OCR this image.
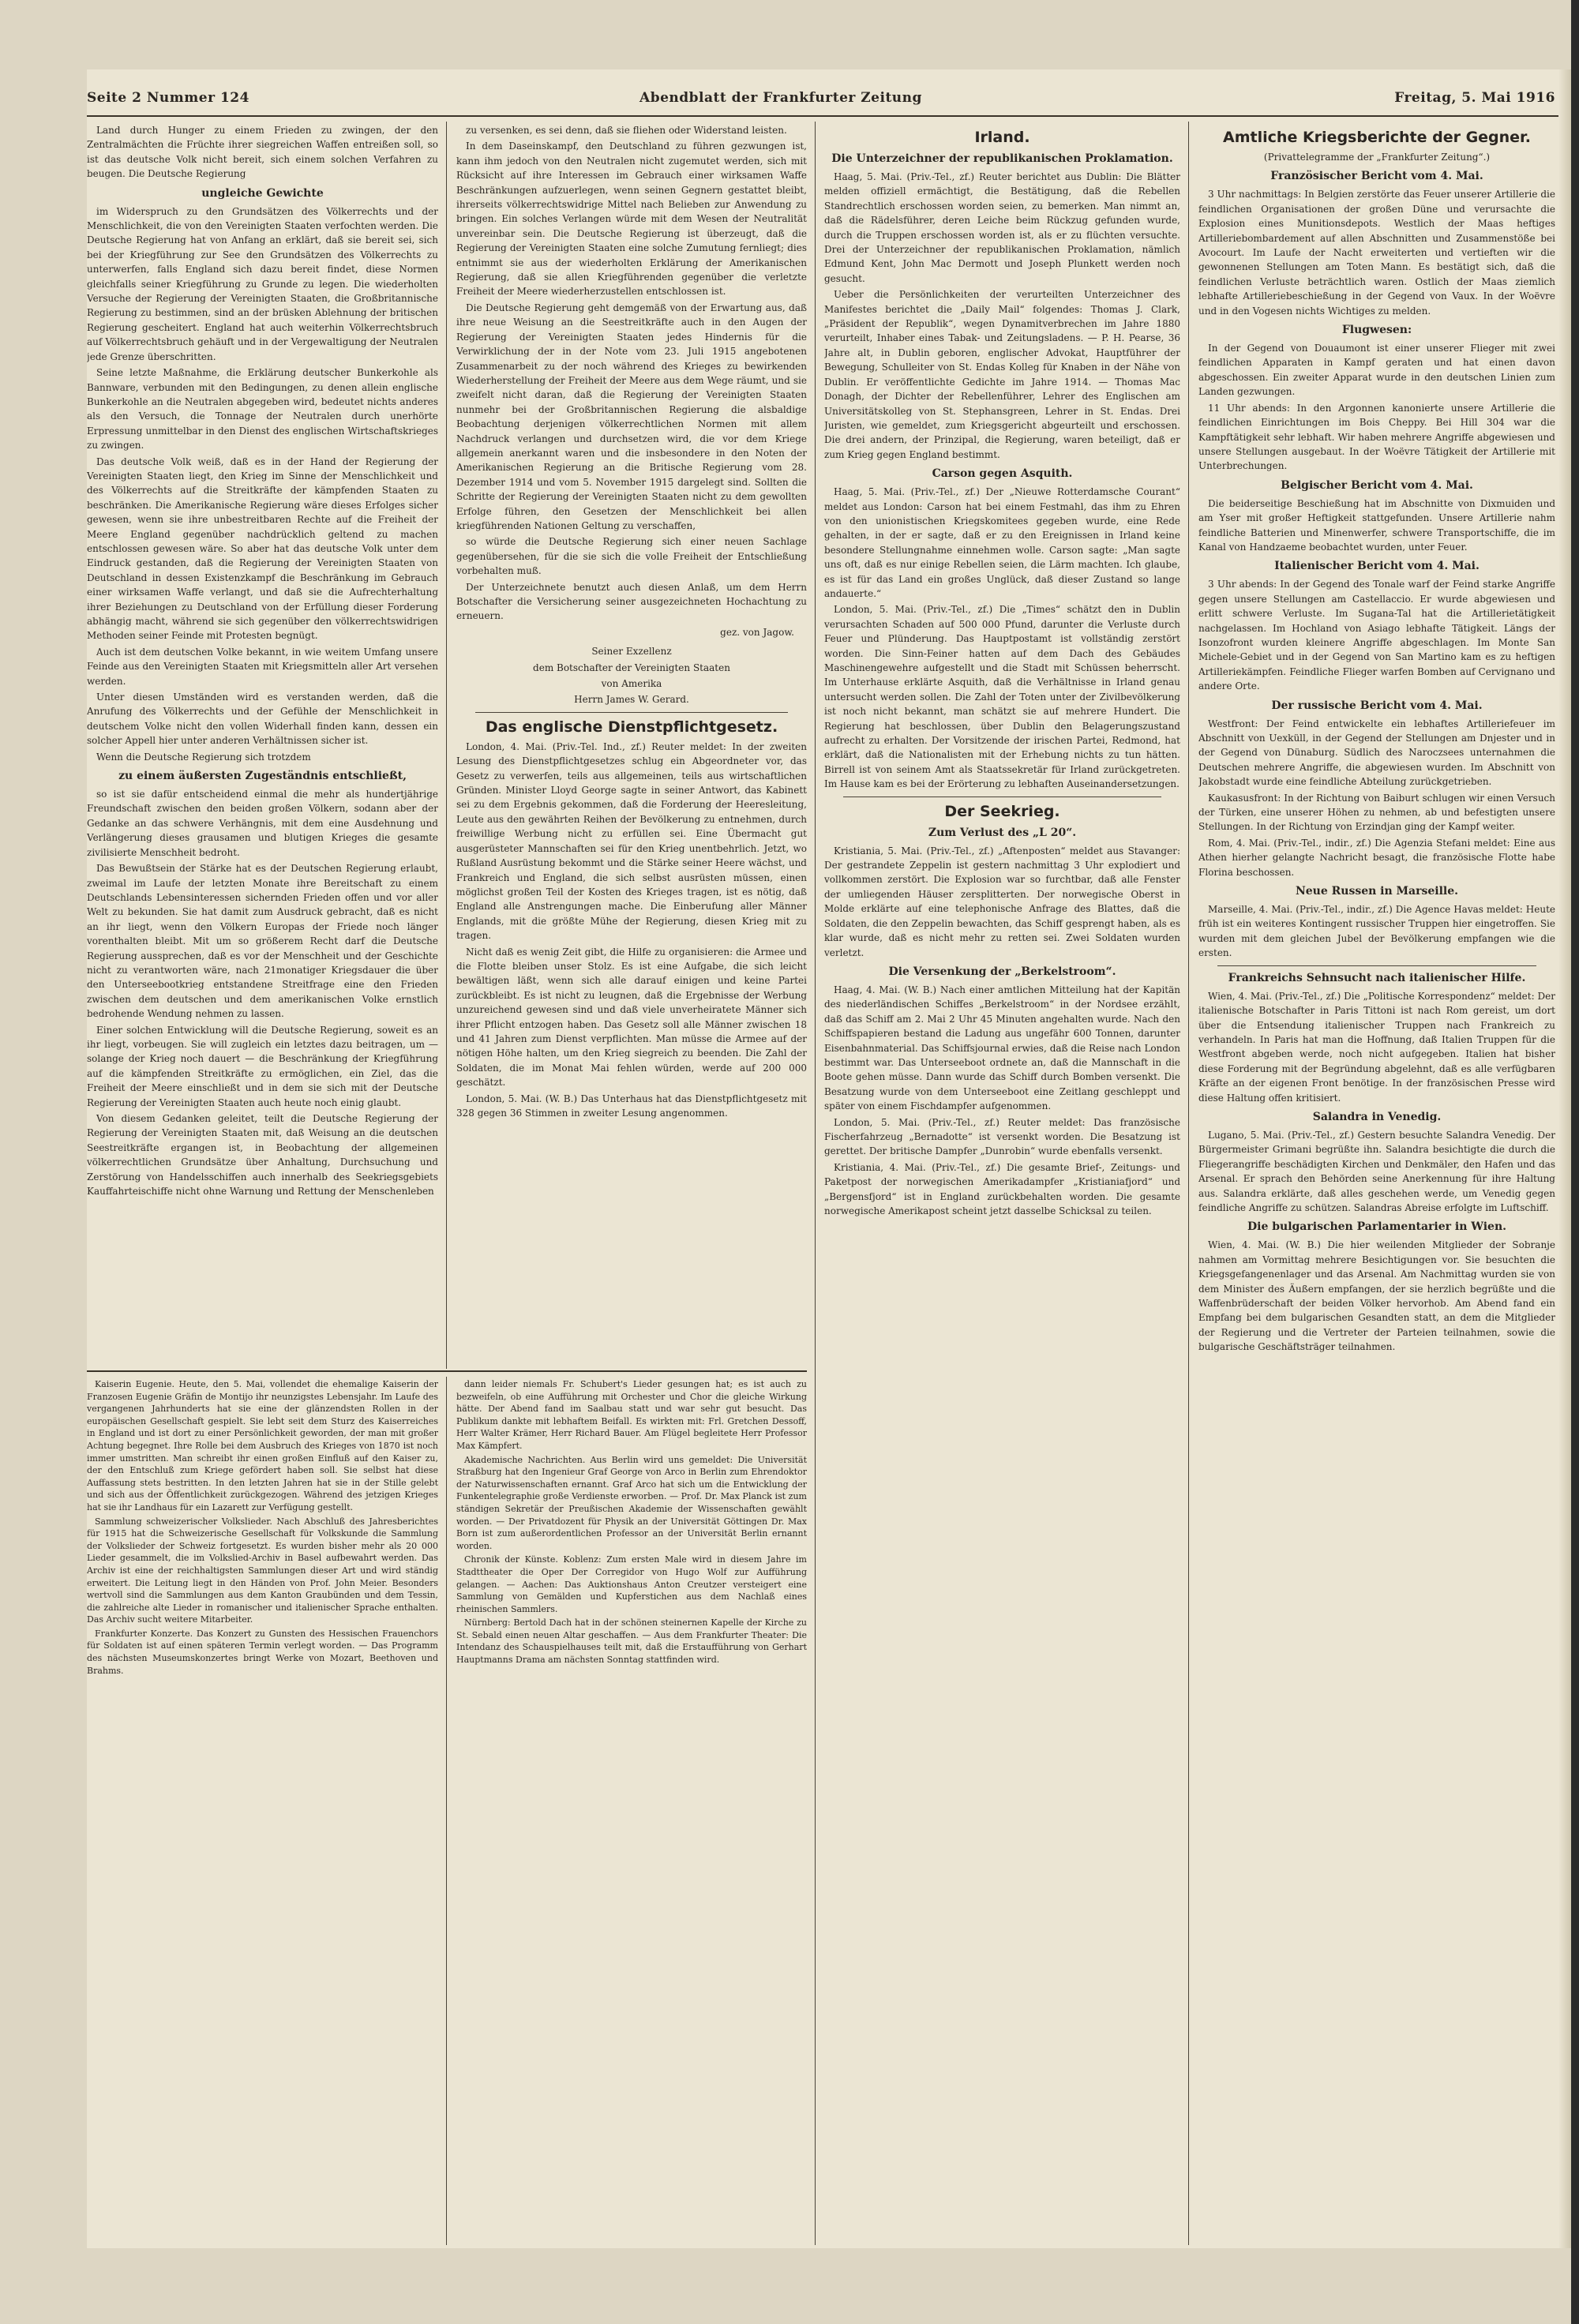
Seite 2 Nummer 124	Abendblatt der Frankfurter Zeitung	Freitag, 5. Mai 1916

Land durch Hunger zu einem Frieden zu zwingen, der den Zentralmächten die Früchte ihrer siegreichen Waffen entreißen soll, so ist das deutsche Volk nicht bereit, sich einem solchen Verfahren zu beugen. Die Deutsche Regierung

ungleiche Gewichte

im Widerspruch zu den Grundsätzen des Völkerrechts und der Menschlichkeit, die von den Vereinigten Staaten verfochten werden. Die Deutsche Regierung hat von Anfang an erklärt, daß sie bereit sei, sich bei der Kriegführung zur See den Grundsätzen des Völkerrechts zu unterwerfen, falls England sich dazu bereit findet, diese Normen gleichfalls seiner Kriegführung zu Grunde zu legen. Die wiederholten Versuche der Regierung der Vereinigten Staaten, die Großbritannische Regierung zu bestimmen, sind an der brüsken Ablehnung der britischen Regierung gescheitert. England hat auch weiterhin Völkerrechtsbruch auf Völkerrechtsbruch gehäuft und in der Vergewaltigung der Neutralen jede Grenze überschritten.

Seine letzte Maßnahme, die Erklärung deutscher Bunkerkohle als Bannware, verbunden mit den Bedingungen, zu denen allein englische Bunkerkohle an die Neutralen abgegeben wird, bedeutet nichts anderes als den Versuch, die Tonnage der Neutralen durch unerhörte Erpressung unmittelbar in den Dienst des englischen Wirtschaftskrieges zu zwingen.

Das deutsche Volk weiß, daß es in der Hand der Regierung der Vereinigten Staaten liegt, den Krieg im Sinne der Menschlichkeit und des Völkerrechts auf die Streitkräfte der kämpfenden Staaten zu beschränken. Die Amerikanische Regierung wäre dieses Erfolges sicher gewesen, wenn sie ihre unbestreitbaren Rechte auf die Freiheit der Meere England gegenüber nachdrücklich geltend zu machen entschlossen gewesen wäre. So aber hat das deutsche Volk unter dem Eindruck gestanden, daß die Regierung der Vereinigten Staaten von Deutschland in dessen Existenzkampf die Beschränkung im Gebrauch einer wirksamen Waffe verlangt, und daß sie die Aufrechterhaltung ihrer Beziehungen zu Deutschland von der Erfüllung dieser Forderung abhängig macht, während sie sich gegenüber den völkerrechtswidrigen Methoden seiner Feinde mit Protesten begnügt.

Auch ist dem deutschen Volke bekannt, in wie weitem Umfang unsere Feinde aus den Vereinigten Staaten mit Kriegsmitteln aller Art versehen werden.

Unter diesen Umständen wird es verstanden werden, daß die Anrufung des Völkerrechts und der Gefühle der Menschlichkeit in deutschem Volke nicht den vollen Widerhall finden kann, dessen ein solcher Appell hier unter anderen Verhältnissen sicher ist.

Wenn die Deutsche Regierung sich trotzdem

zu einem äußersten Zugeständnis entschließt,

so ist sie dafür entscheidend einmal die mehr als hundertjährige Freundschaft zwischen den beiden großen Völkern, sodann aber der Gedanke an das schwere Verhängnis, mit dem eine Ausdehnung und Verlängerung dieses grausamen und blutigen Krieges die gesamte zivilisierte Menschheit bedroht.

Das Bewußtsein der Stärke hat es der Deutschen Regierung erlaubt, zweimal im Laufe der letzten Monate ihre Bereitschaft zu einem Deutschlands Lebensinteressen sichernden Frieden offen und vor aller Welt zu bekunden. Sie hat damit zum Ausdruck gebracht, daß es nicht an ihr liegt, wenn den Völkern Europas der Friede noch länger vorenthalten bleibt. Mit um so größerem Recht darf die Deutsche Regierung aussprechen, daß es vor der Menschheit und der Geschichte nicht zu verantworten wäre, nach 21monatiger Kriegsdauer die über den Unterseebootkrieg entstandene Streitfrage eine den Frieden zwischen dem deutschen und dem amerikanischen Volke ernstlich bedrohende Wendung nehmen zu lassen.

Einer solchen Entwicklung will die Deutsche Regierung, soweit es an ihr liegt, vorbeugen. Sie will zugleich ein letztes dazu beitragen, um — solange der Krieg noch dauert — die Beschränkung der Kriegführung auf die kämpfenden Streitkräfte zu ermöglichen, ein Ziel, das die Freiheit der Meere einschließt und in dem sie sich mit der Deutsche Regierung der Vereinigten Staaten auch heute noch einig glaubt.

Von diesem Gedanken geleitet, teilt die Deutsche Regierung der Regierung der Vereinigten Staaten mit, daß Weisung an die deutschen Seestreitkräfte ergangen ist, in Beobachtung der allgemeinen völkerrechtlichen Grundsätze über Anhaltung, Durchsuchung und Zerstörung von Handelsschiffen auch innerhalb des Seekriegsgebiets Kauffahrteischiffe nicht ohne Warnung und Rettung der Menschenleben

zu versenken, es sei denn, daß sie fliehen oder Widerstand leisten.

In dem Daseinskampf, den Deutschland zu führen gezwungen ist, kann ihm jedoch von den Neutralen nicht zugemutet werden, sich mit Rücksicht auf ihre Interessen im Gebrauch einer wirksamen Waffe Beschränkungen aufzuerlegen, wenn seinen Gegnern gestattet bleibt, ihrerseits völkerrechtswidrige Mittel nach Belieben zur Anwendung zu bringen. Ein solches Verlangen würde mit dem Wesen der Neutralität unvereinbar sein. Die Deutsche Regierung ist überzeugt, daß die Regierung der Vereinigten Staaten eine solche Zumutung fernliegt; dies entnimmt sie aus der wiederholten Erklärung der Amerikanischen Regierung, daß sie allen Kriegführenden gegenüber die verletzte Freiheit der Meere wiederherzustellen entschlossen ist.

Die Deutsche Regierung geht demgemäß von der Erwartung aus, daß ihre neue Weisung an die Seestreitkräfte auch in den Augen der Regierung der Vereinigten Staaten jedes Hindernis für die Verwirklichung der in der Note vom 23. Juli 1915 angebotenen Zusammenarbeit zu der noch während des Krieges zu bewirkenden Wiederherstellung der Freiheit der Meere aus dem Wege räumt, und sie zweifelt nicht daran, daß die Regierung der Vereinigten Staaten nunmehr bei der Großbritannischen Regierung die alsbaldige Beobachtung derjenigen völkerrechtlichen Normen mit allem Nachdruck verlangen und durchsetzen wird, die vor dem Kriege allgemein anerkannt waren und die insbesondere in den Noten der Amerikanischen Regierung an die Britische Regierung vom 28. Dezember 1914 und vom 5. November 1915 dargelegt sind. Sollten die Schritte der Regierung der Vereinigten Staaten nicht zu dem gewollten Erfolge führen, den Gesetzen der Menschlichkeit bei allen kriegführenden Nationen Geltung zu verschaffen,

so würde die Deutsche Regierung sich einer neuen Sachlage gegenübersehen, für die sie sich die volle Freiheit der Entschließung vorbehalten muß.

Der Unterzeichnete benutzt auch diesen Anlaß, um dem Herrn Botschafter die Versicherung seiner ausgezeichneten Hochachtung zu erneuern.

gez. von Jagow.
Seiner Exzellenz
dem Botschafter der Vereinigten Staaten
von Amerika
Herrn James W. Gerard.
Das englische Dienstpflichtgesetz.

London, 4. Mai. (Priv.-Tel. Ind., zf.) Reuter meldet: In der zweiten Lesung des Dienstpflichtgesetzes schlug ein Abgeordneter vor, das Gesetz zu verwerfen, teils aus allgemeinen, teils aus wirtschaftlichen Gründen. Minister Lloyd George sagte in seiner Antwort, das Kabinett sei zu dem Ergebnis gekommen, daß die Forderung der Heeresleitung, Leute aus den gewährten Reihen der Bevölkerung zu entnehmen, durch freiwillige Werbung nicht zu erfüllen sei. Eine Übermacht gut ausgerüsteter Mannschaften sei für den Krieg unentbehrlich. Jetzt, wo Rußland Ausrüstung bekommt und die Stärke seiner Heere wächst, und Frankreich und England, die sich selbst ausrüsten müssen, einen möglichst großen Teil der Kosten des Krieges tragen, ist es nötig, daß England alle Anstrengungen mache. Die Einberufung aller Männer Englands, mit die größte Mühe der Regierung, diesen Krieg mit zu tragen.

Nicht daß es wenig Zeit gibt, die Hilfe zu organisieren: die Armee und die Flotte bleiben unser Stolz. Es ist eine Aufgabe, die sich leicht bewältigen läßt, wenn sich alle darauf einigen und keine Partei zurückbleibt. Es ist nicht zu leugnen, daß die Ergebnisse der Werbung unzureichend gewesen sind und daß viele unverheiratete Männer sich ihrer Pflicht entzogen haben. Das Gesetz soll alle Männer zwischen 18 und 41 Jahren zum Dienst verpflichten. Man müsse die Armee auf der nötigen Höhe halten, um den Krieg siegreich zu beenden. Die Zahl der Soldaten, die im Monat Mai fehlen würden, werde auf 200 000 geschätzt.

London, 5. Mai. (W. B.) Das Unterhaus hat das Dienstpflichtgesetz mit 328 gegen 36 Stimmen in zweiter Lesung angenommen.

Irland.
Die Unterzeichner der republikanischen Proklamation.

Haag, 5. Mai. (Priv.-Tel., zf.) Reuter berichtet aus Dublin: Die Blätter melden offiziell ermächtigt, die Bestätigung, daß die Rebellen Standrechtlich erschossen worden seien, zu bemerken. Man nimmt an, daß die Rädelsführer, deren Leiche beim Rückzug gefunden wurde, durch die Truppen erschossen worden ist, als er zu flüchten versuchte. Drei der Unterzeichner der republikanischen Proklamation, nämlich Edmund Kent, John Mac Dermott und Joseph Plunkett werden noch gesucht.

Ueber die Persönlichkeiten der verurteilten Unterzeichner des Manifestes berichtet die „Daily Mail“ folgendes: Thomas J. Clark, „Präsident der Republik“, wegen Dynamitverbrechen im Jahre 1880 verurteilt, Inhaber eines Tabak- und Zeitungsladens. — P. H. Pearse, 36 Jahre alt, in Dublin geboren, englischer Advokat, Hauptführer der Bewegung, Schulleiter von St. Endas Kolleg für Knaben in der Nähe von Dublin. Er veröffentlichte Gedichte im Jahre 1914. — Thomas Mac Donagh, der Dichter der Rebellenführer, Lehrer des Englischen am Universitätskolleg von St. Stephansgreen, Lehrer in St. Endas. Drei Juristen, wie gemeldet, zum Kriegsgericht abgeurteilt und erschossen. Die drei andern, der Prinzipal, die Regierung, waren beteiligt, daß er zum Krieg gegen England bestimmt.

Carson gegen Asquith.

Haag, 5. Mai. (Priv.-Tel., zf.) Der „Nieuwe Rotterdamsche Courant“ meldet aus London: Carson hat bei einem Festmahl, das ihm zu Ehren von den unionistischen Kriegskomitees gegeben wurde, eine Rede gehalten, in der er sagte, daß er zu den Ereignissen in Irland keine besondere Stellungnahme einnehmen wolle. Carson sagte: „Man sagte uns oft, daß es nur einige Rebellen seien, die Lärm machten. Ich glaube, es ist für das Land ein großes Unglück, daß dieser Zustand so lange andauerte.“

London, 5. Mai. (Priv.-Tel., zf.) Die „Times“ schätzt den in Dublin verursachten Schaden auf 500 000 Pfund, darunter die Verluste durch Feuer und Plünderung. Das Hauptpostamt ist vollständig zerstört worden. Die Sinn-Feiner hatten auf dem Dach des Gebäudes Maschinengewehre aufgestellt und die Stadt mit Schüssen beherrscht. Im Unterhause erklärte Asquith, daß die Verhältnisse in Irland genau untersucht werden sollen. Die Zahl der Toten unter der Zivilbevölkerung ist noch nicht bekannt, man schätzt sie auf mehrere Hundert. Die Regierung hat beschlossen, über Dublin den Belagerungszustand aufrecht zu erhalten. Der Vorsitzende der irischen Partei, Redmond, hat erklärt, daß die Nationalisten mit der Erhebung nichts zu tun hätten. Birrell ist von seinem Amt als Staatssekretär für Irland zurückgetreten. Im Hause kam es bei der Erörterung zu lebhaften Auseinandersetzungen.

Der Seekrieg.
Zum Verlust des „L 20“.

Kristiania, 5. Mai. (Priv.-Tel., zf.) „Aftenposten“ meldet aus Stavanger: Der gestrandete Zeppelin ist gestern nachmittag 3 Uhr explodiert und vollkommen zerstört. Die Explosion war so furchtbar, daß alle Fenster der umliegenden Häuser zersplitterten. Der norwegische Oberst in Molde erklärte auf eine telephonische Anfrage des Blattes, daß die Soldaten, die den Zeppelin bewachten, das Schiff gesprengt haben, als es klar wurde, daß es nicht mehr zu retten sei. Zwei Soldaten wurden verletzt.

Die Versenkung der „Berkelstroom“.

Haag, 4. Mai. (W. B.) Nach einer amtlichen Mitteilung hat der Kapitän des niederländischen Schiffes „Berkelstroom“ in der Nordsee erzählt, daß das Schiff am 2. Mai 2 Uhr 45 Minuten angehalten wurde. Nach den Schiffspapieren bestand die Ladung aus ungefähr 600 Tonnen, darunter Eisenbahnmaterial. Das Schiffsjournal erwies, daß die Reise nach London bestimmt war. Das Unterseeboot ordnete an, daß die Mannschaft in die Boote gehen müsse. Dann wurde das Schiff durch Bomben versenkt. Die Besatzung wurde von dem Unterseeboot eine Zeitlang geschleppt und später von einem Fischdampfer aufgenommen.

London, 5. Mai. (Priv.-Tel., zf.) Reuter meldet: Das französische Fischerfahrzeug „Bernadotte“ ist versenkt worden. Die Besatzung ist gerettet. Der britische Dampfer „Dunrobin“ wurde ebenfalls versenkt.

Kristiania, 4. Mai. (Priv.-Tel., zf.) Die gesamte Brief-, Zeitungs- und Paketpost der norwegischen Amerikadampfer „Kristianiafjord“ und „Bergensfjord“ ist in England zurückbehalten worden. Die gesamte norwegische Amerikapost scheint jetzt dasselbe Schicksal zu teilen.

Amtliche Kriegsberichte der Gegner.
(Privattelegramme der „Frankfurter Zeitung“.)
Französischer Bericht vom 4. Mai.

3 Uhr nachmittags: In Belgien zerstörte das Feuer unserer Artillerie die feindlichen Organisationen der großen Düne und verursachte die Explosion eines Munitionsdepots. Westlich der Maas heftiges Artilleriebombardement auf allen Abschnitten und Zusammenstöße bei Avocourt. Im Laufe der Nacht erweiterten und vertieften wir die gewonnenen Stellungen am Toten Mann. Es bestätigt sich, daß die feindlichen Verluste beträchtlich waren. Ostlich der Maas ziemlich lebhafte Artilleriebeschießung in der Gegend von Vaux. In der Woëvre und in den Vogesen nichts Wichtiges zu melden.

Flugwesen:

In der Gegend von Douaumont ist einer unserer Flieger mit zwei feindlichen Apparaten in Kampf geraten und hat einen davon abgeschossen. Ein zweiter Apparat wurde in den deutschen Linien zum Landen gezwungen.

11 Uhr abends: In den Argonnen kanonierte unsere Artillerie die feindlichen Einrichtungen im Bois Cheppy. Bei Hill 304 war die Kampftätigkeit sehr lebhaft. Wir haben mehrere Angriffe abgewiesen und unsere Stellungen ausgebaut. In der Woëvre Tätigkeit der Artillerie mit Unterbrechungen.

Belgischer Bericht vom 4. Mai.

Die beiderseitige Beschießung hat im Abschnitte von Dixmuiden und am Yser mit großer Heftigkeit stattgefunden. Unsere Artillerie nahm feindliche Batterien und Minenwerfer, schwere Transportschiffe, die im Kanal von Handzaeme beobachtet wurden, unter Feuer.

Italienischer Bericht vom 4. Mai.

3 Uhr abends: In der Gegend des Tonale warf der Feind starke Angriffe gegen unsere Stellungen am Castellaccio. Er wurde abgewiesen und erlitt schwere Verluste. Im Sugana-Tal hat die Artillerietätigkeit nachgelassen. Im Hochland von Asiago lebhafte Tätigkeit. Längs der Isonzofront wurden kleinere Angriffe abgeschlagen. Im Monte San Michele-Gebiet und in der Gegend von San Martino kam es zu heftigen Artilleriekämpfen. Feindliche Flieger warfen Bomben auf Cervignano und andere Orte.

Der russische Bericht vom 4. Mai.

Westfront: Der Feind entwickelte ein lebhaftes Artilleriefeuer im Abschnitt von Uexküll, in der Gegend der Stellungen am Dnjester und in der Gegend von Dünaburg. Südlich des Naroczsees unternahmen die Deutschen mehrere Angriffe, die abgewiesen wurden. Im Abschnitt von Jakobstadt wurde eine feindliche Abteilung zurückgetrieben.

Kaukasusfront: In der Richtung von Baiburt schlugen wir einen Versuch der Türken, eine unserer Höhen zu nehmen, ab und befestigten unsere Stellungen. In der Richtung von Erzindjan ging der Kampf weiter.

Rom, 4. Mai. (Priv.-Tel., indir., zf.) Die Agenzia Stefani meldet: Eine aus Athen hierher gelangte Nachricht besagt, die französische Flotte habe Florina beschossen.

Neue Russen in Marseille.

Marseille, 4. Mai. (Priv.-Tel., indir., zf.) Die Agence Havas meldet: Heute früh ist ein weiteres Kontingent russischer Truppen hier eingetroffen. Sie wurden mit dem gleichen Jubel der Bevölkerung empfangen wie die ersten.

Frankreichs Sehnsucht nach italienischer Hilfe.

Wien, 4. Mai. (Priv.-Tel., zf.) Die „Politische Korrespondenz“ meldet: Der italienische Botschafter in Paris Tittoni ist nach Rom gereist, um dort über die Entsendung italienischer Truppen nach Frankreich zu verhandeln. In Paris hat man die Hoffnung, daß Italien Truppen für die Westfront abgeben werde, noch nicht aufgegeben. Italien hat bisher diese Forderung mit der Begründung abgelehnt, daß es alle verfügbaren Kräfte an der eigenen Front benötige. In der französischen Presse wird diese Haltung offen kritisiert.

Salandra in Venedig.

Lugano, 5. Mai. (Priv.-Tel., zf.) Gestern besuchte Salandra Venedig. Der Bürgermeister Grimani begrüßte ihn. Salandra besichtigte die durch die Fliegerangriffe beschädigten Kirchen und Denkmäler, den Hafen und das Arsenal. Er sprach den Behörden seine Anerkennung für ihre Haltung aus. Salandra erklärte, daß alles geschehen werde, um Venedig gegen feindliche Angriffe zu schützen. Salandras Abreise erfolgte im Luftschiff.

Die bulgarischen Parlamentarier in Wien.

Wien, 4. Mai. (W. B.) Die hier weilenden Mitglieder der Sobranje nahmen am Vormittag mehrere Besichtigungen vor. Sie besuchten die Kriegsgefangenenlager und das Arsenal. Am Nachmittag wurden sie von dem Minister des Äußern empfangen, der sie herzlich begrüßte und die Waffenbrüderschaft der beiden Völker hervorhob. Am Abend fand ein Empfang bei dem bulgarischen Gesandten statt, an dem die Mitglieder der Regierung und die Vertreter der Parteien teilnahmen, sowie die bulgarische Geschäftsträger teilnahmen.

Kaiserin Eugenie. Heute, den 5. Mai, vollendet die ehemalige Kaiserin der Franzosen Eugenie Gräfin de Montijo ihr neunzigstes Lebensjahr. Im Laufe des vergangenen Jahrhunderts hat sie eine der glänzendsten Rollen in der europäischen Gesellschaft gespielt. Sie lebt seit dem Sturz des Kaiserreiches in England und ist dort zu einer Persönlichkeit geworden, der man mit großer Achtung begegnet. Ihre Rolle bei dem Ausbruch des Krieges von 1870 ist noch immer umstritten. Man schreibt ihr einen großen Einfluß auf den Kaiser zu, der den Entschluß zum Kriege gefördert haben soll. Sie selbst hat diese Auffassung stets bestritten. In den letzten Jahren hat sie in der Stille gelebt und sich aus der Öffentlichkeit zurückgezogen. Während des jetzigen Krieges hat sie ihr Landhaus für ein Lazarett zur Verfügung gestellt.

Sammlung schweizerischer Volkslieder. Nach Abschluß des Jahresberichtes für 1915 hat die Schweizerische Gesellschaft für Volkskunde die Sammlung der Volkslieder der Schweiz fortgesetzt. Es wurden bisher mehr als 20 000 Lieder gesammelt, die im Volkslied-Archiv in Basel aufbewahrt werden. Das Archiv ist eine der reichhaltigsten Sammlungen dieser Art und wird ständig erweitert. Die Leitung liegt in den Händen von Prof. John Meier. Besonders wertvoll sind die Sammlungen aus dem Kanton Graubünden und dem Tessin, die zahlreiche alte Lieder in romanischer und italienischer Sprache enthalten. Das Archiv sucht weitere Mitarbeiter.

Frankfurter Konzerte. Das Konzert zu Gunsten des Hessischen Frauenchors für Soldaten ist auf einen späteren Termin verlegt worden. — Das Programm des nächsten Museumskonzertes bringt Werke von Mozart, Beethoven und Brahms.

dann leider niemals Fr. Schubert's Lieder gesungen hat; es ist auch zu bezweifeln, ob eine Aufführung mit Orchester und Chor die gleiche Wirkung hätte. Der Abend fand im Saalbau statt und war sehr gut besucht. Das Publikum dankte mit lebhaftem Beifall. Es wirkten mit: Frl. Gretchen Dessoff, Herr Walter Krämer, Herr Richard Bauer. Am Flügel begleitete Herr Professor Max Kämpfert.

Akademische Nachrichten. Aus Berlin wird uns gemeldet: Die Universität Straßburg hat den Ingenieur Graf George von Arco in Berlin zum Ehrendoktor der Naturwissenschaften ernannt. Graf Arco hat sich um die Entwicklung der Funkentelegraphie große Verdienste erworben. — Prof. Dr. Max Planck ist zum ständigen Sekretär der Preußischen Akademie der Wissenschaften gewählt worden. — Der Privatdozent für Physik an der Universität Göttingen Dr. Max Born ist zum außerordentlichen Professor an der Universität Berlin ernannt worden.

Chronik der Künste. Koblenz: Zum ersten Male wird in diesem Jahre im Stadttheater die Oper Der Corregidor von Hugo Wolf zur Aufführung gelangen. — Aachen: Das Auktionshaus Anton Creutzer versteigert eine Sammlung von Gemälden und Kupferstichen aus dem Nachlaß eines rheinischen Sammlers.

Nürnberg: Bertold Dach hat in der schönen steinernen Kapelle der Kirche zu St. Sebald einen neuen Altar geschaffen. — Aus dem Frankfurter Theater: Die Intendanz des Schauspielhauses teilt mit, daß die Erstaufführung von Gerhart Hauptmanns Drama am nächsten Sonntag stattfinden wird.
